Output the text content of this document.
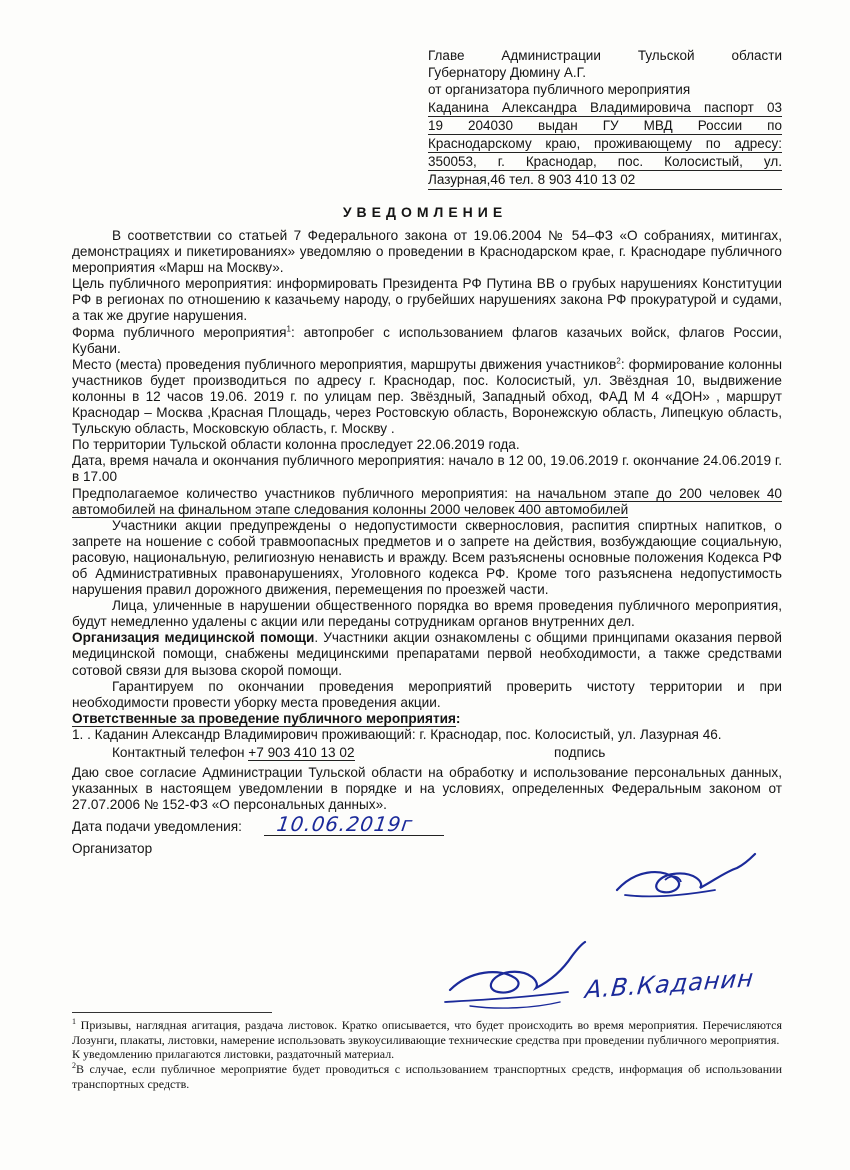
Главе Администрации Тульской области
Губернатору Дюмину А.Г.
от организатора публичного мероприятия
Каданина Александра Владимировича паспорт 03
19 204030 выдан ГУ МВД России по
Краснодарскому краю, проживающему по адресу:
350053, г. Краснодар, пос. Колосистый, ул.
Лазурная,46 тел. 8 903 410 13 02
УВЕДОМЛЕНИЕ

В соответствии со статьей 7 Федерального закона от 19.06.2004 № 54–ФЗ «О собраниях, митингах, демонстрациях и пикетированиях» уведомляю о проведении в Краснодарском крае, г. Краснодаре публичного мероприятия «Марш на Москву».

Цель публичного мероприятия: информировать Президента РФ Путина ВВ о грубых нарушениях Конституции РФ в регионах по отношению к казачьему народу, о грубейших нарушениях закона РФ прокуратурой и судами, а так же другие нарушения.

Форма публичного мероприятия$^1$: автопробег с использованием флагов казачьих войск, флагов России, Кубани.

Место (места) проведения публичного мероприятия, маршруты движения участников$^2$: формирование колонны участников будет производиться по адресу г. Краснодар, пос. Колосистый, ул. Звёздная 10, выдвижение колонны в 12 часов 19.06. 2019 г. по улицам пер. Звёздный, Западный обход, ФАД М 4 «ДОН» , маршрут Краснодар – Москва ,Красная Площадь, через Ростовскую область, Воронежскую область, Липецкую область, Тульскую область, Московскую область, г. Москву .

По территории Тульской области колонна проследует 22.06.2019 года.

Дата, время начала и окончания публичного мероприятия: начало в 12 00, 19.06.2019 г. окончание 24.06.2019 г. в 17.00

Предполагаемое количество участников публичного мероприятия: на начальном этапе до 200 человек 40 автомобилей на финальном этапе следования колонны 2000 человек 400 автомобилей

Участники акции предупреждены о недопустимости сквернословия, распития спиртных напитков, о запрете на ношение с собой травмоопасных предметов и о запрете на действия, возбуждающие социальную, расовую, национальную, религиозную ненависть и вражду. Всем разъяснены основные положения Кодекса РФ об Административных правонарушениях, Уголовного кодекса РФ. Кроме того разъяснена недопустимость нарушения правил дорожного движения, перемещения по проезжей части.

Лица, уличенные в нарушении общественного порядка во время проведения публичного мероприятия, будут немедленно удалены с акции или переданы сотрудникам органов внутренних дел.

Организация медицинской помощи. Участники акции ознакомлены с общими принципами оказания первой медицинской помощи, снабжены медицинскими препаратами первой необходимости, а также средствами сотовой связи для вызова скорой помощи.

Гарантируем по окончании проведения мероприятий проверить чистоту территории и при необходимости провести уборку места проведения акции.

Ответственные за проведение публичного мероприятия:

1. . Каданин Александр Владимирович проживающий: г. Краснодар, пос. Колосистый, ул. Лазурная 46.

Контактный телефон +7 903 410 13 02	подпись

Даю свое согласие Администрации Тульской области на обработку и использование персональных данных, указанных в настоящем уведомлении в порядке и на условиях, определенных Федеральным законом от 27.07.2006 № 152-ФЗ «О персональных данных».

Дата подачи уведомления: 10.06.2019г
Организатор
А.В.Каданин

$^1$ Призывы, наглядная агитация, раздача листовок. Кратко описывается, что будет происходить во время мероприятия. Перечисляются Лозунги, плакаты, листовки, намерение использовать звукоусиливающие технические средства при проведении публичного мероприятия.

К уведомлению прилагаются листовки, раздаточный материал.

$^2$В случае, если публичное мероприятие будет проводиться с использованием транспортных средств, информация об использовании транспортных средств.
